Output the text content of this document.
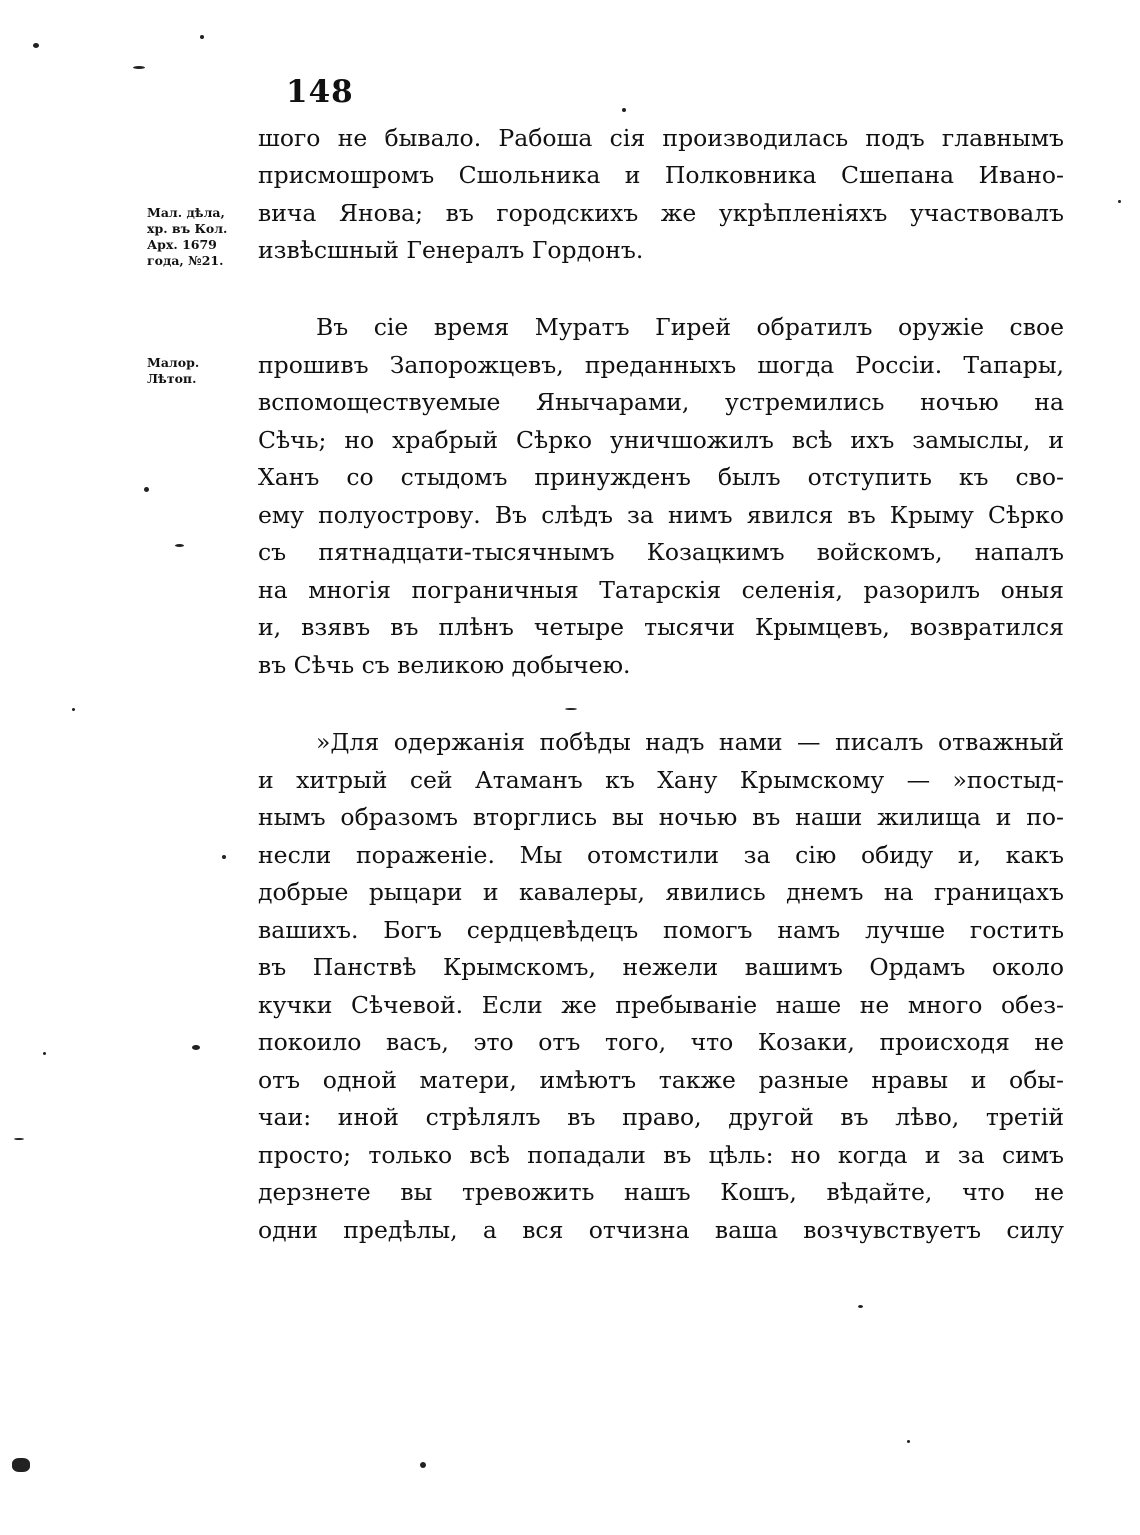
148
Мал. дѣла,
хр. въ Кол.
Арх. 1679
года, №21.
Малор.
Лѣтоп.
шого не бывало. Рабоша сія производилась подъ главнымъ
присмошромъ Сшольника и Полковника Сшепана Ивано-
вича Янова; въ городскихъ же укрѣпленіяхъ участвовалъ
извѣсшный Генералъ Гордонъ.
Въ сіе время Муратъ Гирей обратилъ оружіе свое
прошивъ Запорожцевъ, преданныхъ шогда Россіи. Тапары,
вспомоществуемые Янычарами, устремились ночью на
Сѣчь; но храбрый Сѣрко уничшожилъ всѣ ихъ замыслы, и
Ханъ со стыдомъ принужденъ былъ отступить къ сво-
ему полуострову. Въ слѣдъ за нимъ явился въ Крыму Сѣрко
съ пятнадцати-тысячнымъ Козацкимъ войскомъ, напалъ
на многія пограничныя Татарскія селенія, разорилъ оныя
и, взявъ въ плѣнъ четыре тысячи Крымцевъ, возвратился
въ Сѣчь съ великою добычею.
»Для одержанія побѣды надъ нами — писалъ отважный
и хитрый сей Атаманъ къ Хану Крымскому — »постыд-
нымъ образомъ вторглись вы ночью въ наши жилища и по-
несли пораженіе. Мы отомстили за сію обиду и, какъ
добрые рыцари и кавалеры, явились днемъ на границахъ
вашихъ. Богъ сердцевѣдецъ помогъ намъ лучше гостить
въ Панствѣ Крымскомъ, нежели вашимъ Ордамъ около
кучки Сѣчевой. Если же пребываніе наше не много обез-
покоило васъ, это отъ того, что Козаки, происходя не
отъ одной матери, имѣютъ также разные нравы и обы-
чаи: иной стрѣлялъ въ право, другой въ лѣво, третій
просто; только всѣ попадали въ цѣль: но когда и за симъ
дерзнете вы тревожить нашъ Кошъ, вѣдайте, что не
одни предѣлы, а вся отчизна ваша возчувствуетъ силу
